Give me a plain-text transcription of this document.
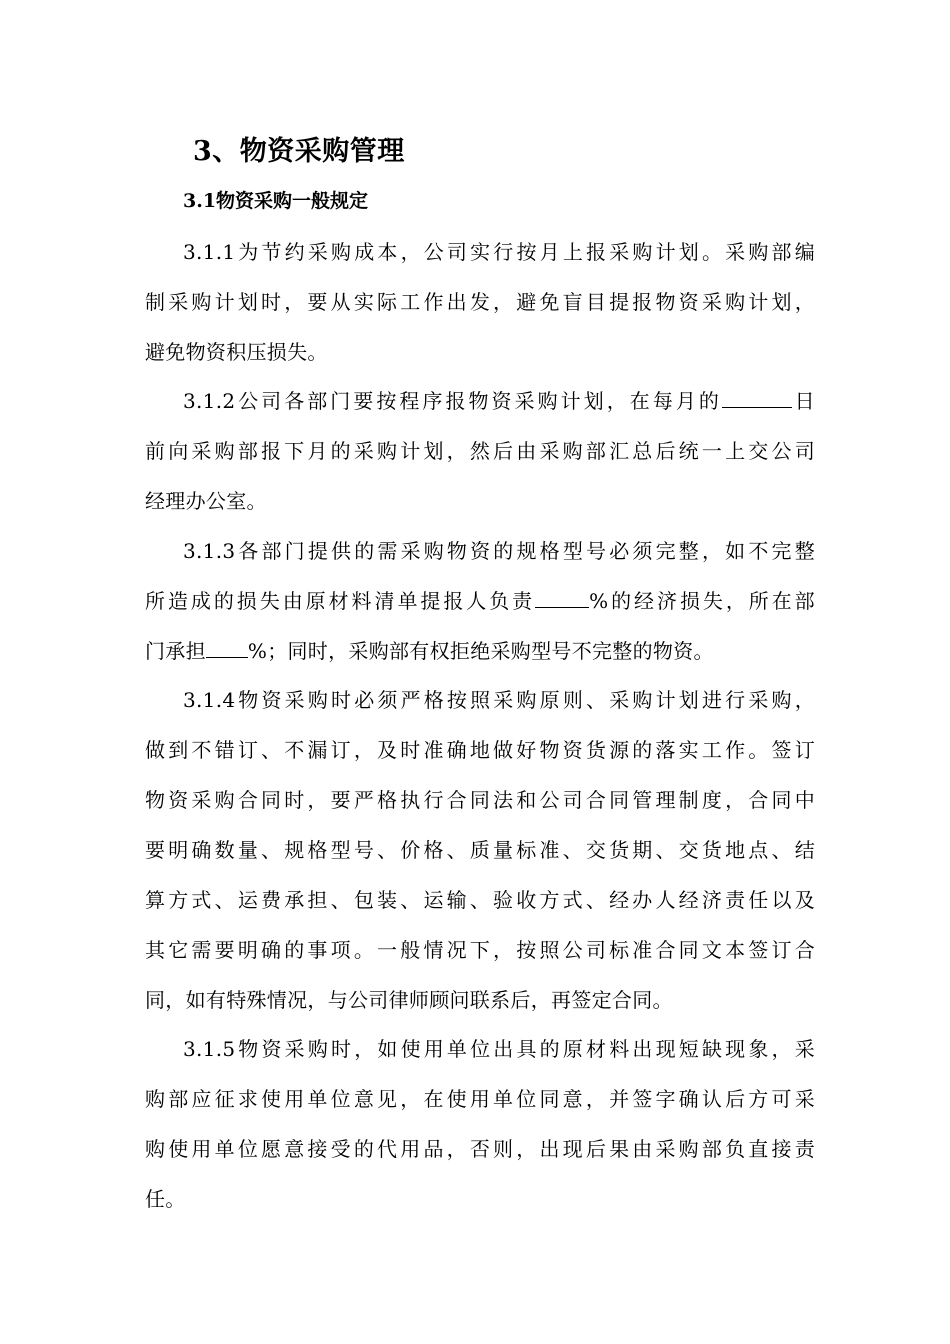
3、物资采购管理
3.1物资采购一般规定
3.1.1为节约采购成本，公司实行按月上报采购计划。采购部编
制采购计划时，要从实际工作出发，避免盲目提报物资采购计划，
避免物资积压损失。
3.1.2公司各部门要按程序报物资采购计划，在每月的	日
前向采购部报下月的采购计划，然后由采购部汇总后统一上交公司
经理办公室。
3.1.3各部门提供的需采购物资的规格型号必须完整，如不完整
所造成的损失由原材料清单提报人负责	%的经济损失，所在部
门承担 %；同时，采购部有权拒绝采购型号不完整的物资。
3.1.4物资采购时必须严格按照采购原则、采购计划进行采购，
做到不错订、不漏订，及时准确地做好物资货源的落实工作。签订
物资采购合同时，要严格执行合同法和公司合同管理制度，合同中
要明确数量、规格型号、价格、质量标准、交货期、交货地点、结
算方式、运费承担、包装、运输、验收方式、经办人经济责任以及
其它需要明确的事项。一般情况下，按照公司标准合同文本签订合
同，如有特殊情况，与公司律师顾问联系后，再签定合同。
3.1.5物资采购时，如使用单位出具的原材料出现短缺现象，采
购部应征求使用单位意见，在使用单位同意，并签字确认后方可采
购使用单位愿意接受的代用品，否则，出现后果由采购部负直接责
任。
